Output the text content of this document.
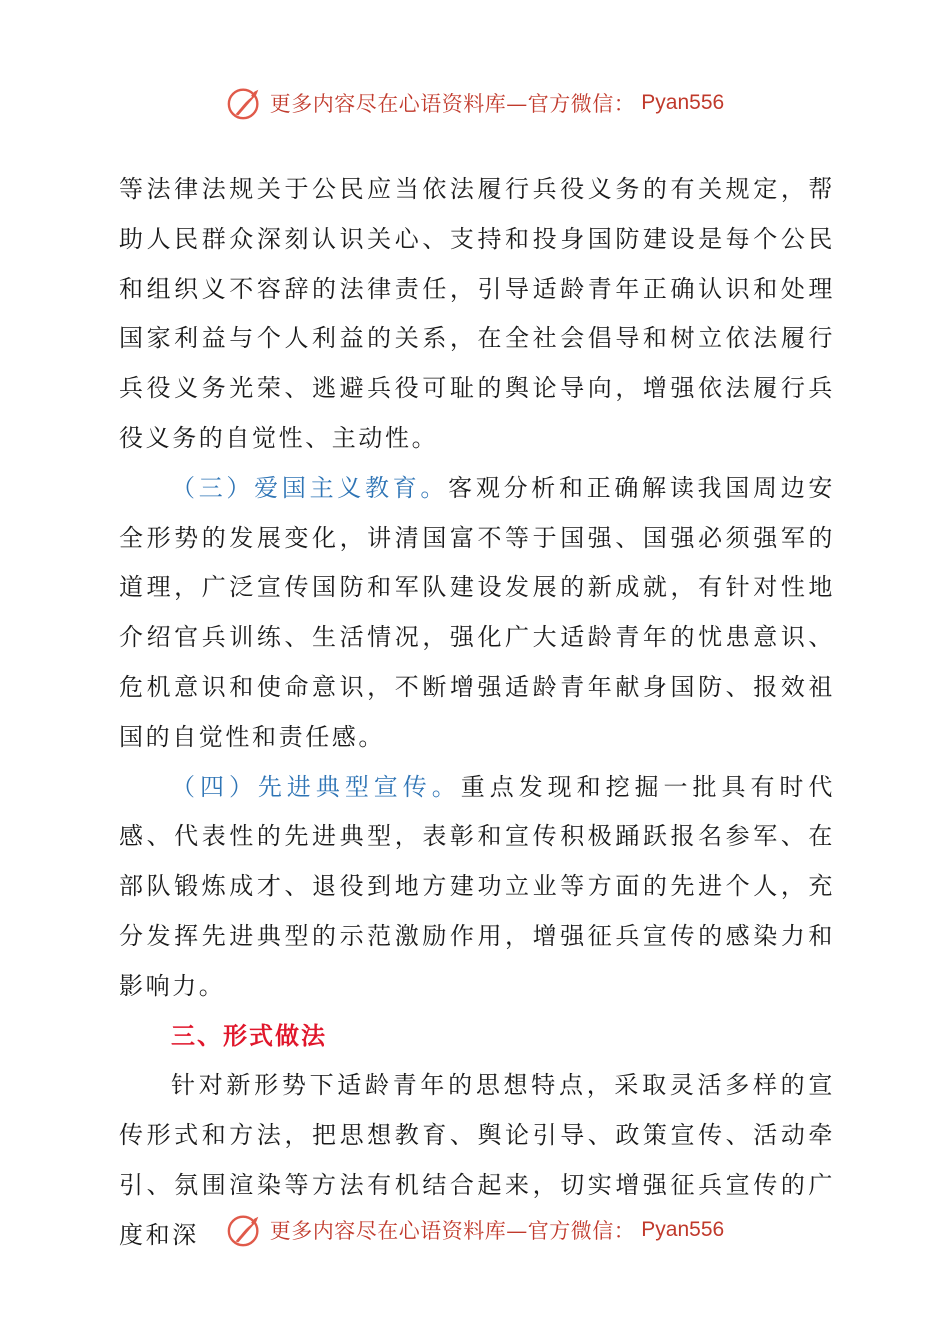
更多内容尽在心语资料库—官方微信： Pyan556

等法律法规关于公民应当依法履行兵役义务的有关规定，帮助人民群众深刻认识关心、支持和投身国防建设是每个公民和组织义不容辞的法律责任，引导适龄青年正确认识和处理国家利益与个人利益的关系，在全社会倡导和树立依法履行兵役义务光荣、逃避兵役可耻的舆论导向，增强依法履行兵役义务的自觉性、主动性。

（三）爱国主义教育。客观分析和正确解读我国周边安全形势的发展变化，讲清国富不等于国强、国强必须强军的道理，广泛宣传国防和军队建设发展的新成就，有针对性地介绍官兵训练、生活情况，强化广大适龄青年的忧患意识、危机意识和使命意识，不断增强适龄青年献身国防、报效祖国的自觉性和责任感。

（四）先进典型宣传。重点发现和挖掘一批具有时代感、代表性的先进典型，表彰和宣传积极踊跃报名参军、在部队锻炼成才、退役到地方建功立业等方面的先进个人，充分发挥先进典型的示范激励作用，增强征兵宣传的感染力和影响力。

三、形式做法

针对新形势下适龄青年的思想特点，采取灵活多样的宣传形式和方法，把思想教育、舆论引导、政策宣传、活动牵引、氛围渲染等方法有机结合起来，切实增强征兵宣传的广度和深	更多内容尽在心语资料库—官方微信： Pyan556
